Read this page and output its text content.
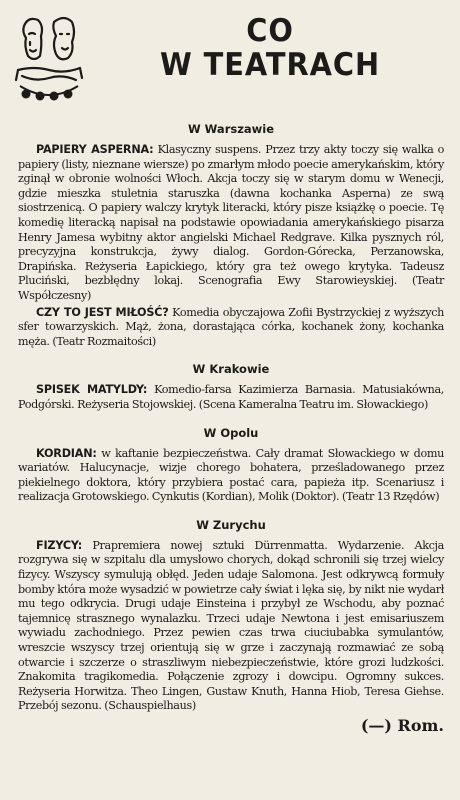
CO
W TEATRACH
W Warszawie

PAPIERY ASPERNA: Klasyczny suspens. Przez trzy akty toczy się walka o papiery (listy, nieznane wiersze) po zmarłym młodo poecie amerykańskim, który zginął w obronie wolności Włoch. Akcja toczy się w starym domu w Wenecji, gdzie mieszka stuletnia staruszka (dawna kochanka Asperna) ze swą siostrzenicą. O papiery walczy krytyk literacki, który pisze książkę o poecie. Tę komedię literacką napisał na podstawie opowiadania amerykańskiego pisarza Henry Jamesa wybitny aktor angielski Michael Redgrave. Kilka pysznych ról, precyzyjna konstrukcja, żywy dialog. Gordon-Górecka, Perzanowska, Drapińska. Reżyseria Łapickiego, który gra też owego krytyka. Tadeusz Pluciński, bezbłędny lokaj. Scenografia Ewy Starowieyskiej. (Teatr Współczesny)

CZY TO JEST MIŁOŚĆ? Komedia obyczajowa Zofii Bystrzyckiej z wyższych sfer towarzyskich. Mąż, żona, dorastająca córka, kochanek żony, kochanka męża. (Teatr Rozmaitości)

W Krakowie

SPISEK MATYLDY: Komedio-farsa Kazimierza Barnasia. Matusiakówna, Podgórski. Reżyseria Stojowskiej. (Scena Kameralna Teatru im. Słowackiego)

W Opolu

KORDIAN: w kaftanie bezpieczeństwa. Cały dramat Słowackiego w domu wariatów. Halucynacje, wizje chorego bohatera, prześladowanego przez piekielnego doktora, który przybiera postać cara, papieża itp. Scenariusz i realizacja Grotowskiego. Cynkutis (Kordian), Molik (Doktor). (Teatr 13 Rzędów)

W Zurychu

FIZYCY: Prapremiera nowej sztuki Dürrenmatta. Wydarzenie. Akcja rozgrywa się w szpitalu dla umysłowo chorych, dokąd schronili się trzej wielcy fizycy. Wszyscy symulują obłęd. Jeden udaje Salomona. Jest odkrywcą formuły bomby która może wysadzić w powietrze cały świat i lęka się, by nikt nie wydarł mu tego odkrycia. Drugi udaje Einsteina i przybył ze Wschodu, aby poznać tajemnicę strasznego wynalazku. Trzeci udaje Newtona i jest emisariuszem wywiadu zachodniego. Przez pewien czas trwa ciuciubabka symulantów, wreszcie wszyscy trzej orientują się w grze i zaczynają rozmawiać ze sobą otwarcie i szczerze o straszliwym niebezpieczeństwie, które grozi ludzkości. Znakomita tragikomedia. Połączenie zgrozy i dowcipu. Ogromny sukces. Reżyseria Horwitza. Theo Lingen, Gustaw Knuth, Hanna Hiob, Teresa Giehse. Przebój sezonu. (Schauspielhaus)

(—) Rom.
